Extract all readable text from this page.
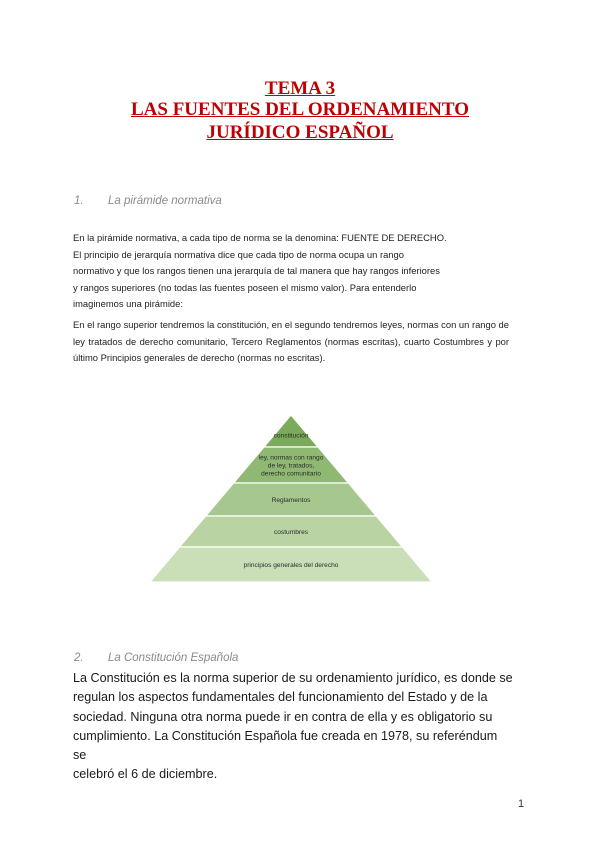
TEMA 3
LAS FUENTES DEL ORDENAMIENTO
JURÍDICO ESPAÑOL
1. La pirámide normativa
En la pirámide normativa, a cada tipo de norma se la denomina: FUENTE DE DERECHO.
El principio de jerarquía normativa dice que cada tipo de norma ocupa un rango
normativo y que los rangos tienen una jerarquía de tal manera que hay rangos inferiores
y rangos superiores (no todas las fuentes poseen el mismo valor). Para entenderlo
imaginemos una pirámide:
En el rango superior tendremos la constitución, en el segundo tendremos leyes, normas con un rango de ley tratados de derecho comunitario, Tercero Reglamentos (normas escritas), cuarto Costumbres y por último Principios generales de derecho (normas no escritas).
constitución
ley, normas con rango
de ley, tratados,
derecho comunitario
Reglamentos
costumbres
principios generales del derecho
2. La Constitución Española
La Constitución es la norma superior de su ordenamiento jurídico, es donde se
regulan los aspectos fundamentales del funcionamiento del Estado y de la
sociedad. Ninguna otra norma puede ir en contra de ella y es obligatorio su
cumplimiento. La Constitución Española fue creada en 1978, su referéndum se
celebró el 6 de diciembre.
1
